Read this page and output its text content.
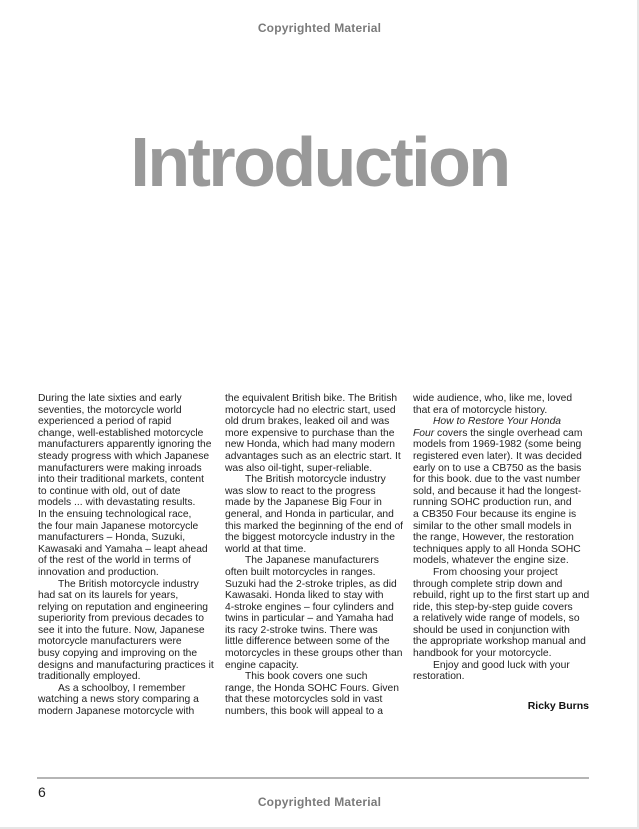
Copyrighted Material
Introduction
During the late sixties and early
seventies, the motorcycle world
experienced a period of rapid
change, well-established motorcycle
manufacturers apparently ignoring the
steady progress with which Japanese
manufacturers were making inroads
into their traditional markets, content
to continue with old, out of date
models ... with devastating results.
In the ensuing technological race,
the four main Japanese motorcycle
manufacturers – Honda, Suzuki,
Kawasaki and Yamaha – leapt ahead
of the rest of the world in terms of
innovation and production.
The British motorcycle industry
had sat on its laurels for years,
relying on reputation and engineering
superiority from previous decades to
see it into the future. Now, Japanese
motorcycle manufacturers were
busy copying and improving on the
designs and manufacturing practices it
traditionally employed.
As a schoolboy, I remember
watching a news story comparing a
modern Japanese motorcycle with
the equivalent British bike. The British
motorcycle had no electric start, used
old drum brakes, leaked oil and was
more expensive to purchase than the
new Honda, which had many modern
advantages such as an electric start. It
was also oil-tight, super-reliable.
The British motorcycle industry
was slow to react to the progress
made by the Japanese Big Four in
general, and Honda in particular, and
this marked the beginning of the end of
the biggest motorcycle industry in the
world at that time.
The Japanese manufacturers
often built motorcycles in ranges.
Suzuki had the 2-stroke triples, as did
Kawasaki. Honda liked to stay with
4-stroke engines – four cylinders and
twins in particular – and Yamaha had
its racy 2-stroke twins. There was
little difference between some of the
motorcycles in these groups other than
engine capacity.
This book covers one such
range, the Honda SOHC Fours. Given
that these motorcycles sold in vast
numbers, this book will appeal to a
wide audience, who, like me, loved
that era of motorcycle history.
How to Restore Your Honda
Four covers the single overhead cam
models from 1969-1982 (some being
registered even later). It was decided
early on to use a CB750 as the basis
for this book. due to the vast number
sold, and because it had the longest-
running SOHC production run, and
a CB350 Four because its engine is
similar to the other small models in
the range, However, the restoration
techniques apply to all Honda SOHC
models, whatever the engine size.
From choosing your project
through complete strip down and
rebuild, right up to the first start up and
ride, this step-by-step guide covers
a relatively wide range of models, so
should be used in conjunction with
the appropriate workshop manual and
handbook for your motorcycle.
Enjoy and good luck with your
restoration.
Ricky Burns
6
Copyrighted Material
